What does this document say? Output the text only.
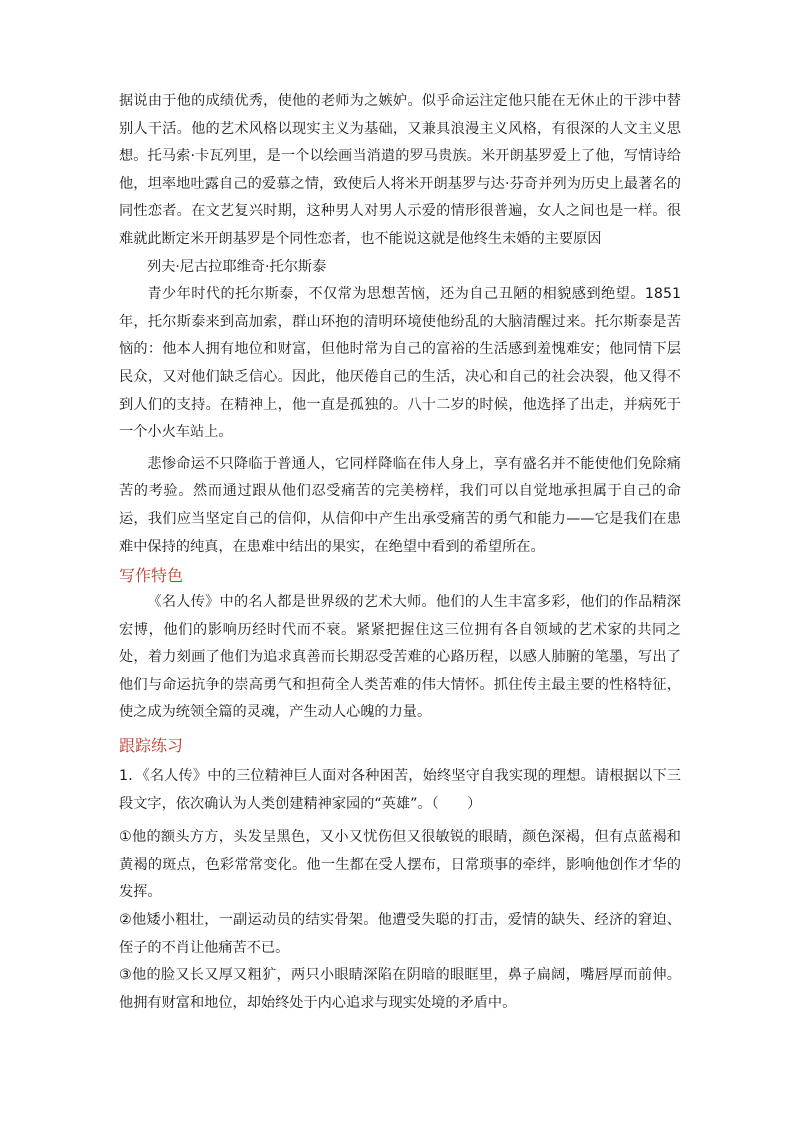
据说由于他的成绩优秀，使他的老师为之嫉妒。似乎命运注定他只能在无休止的干涉中替别人干活。他的艺术风格以现实主义为基础，又兼具浪漫主义风格，有很深的人文主义思想。托马索·卡瓦列里，是一个以绘画当消遣的罗马贵族。米开朗基罗爱上了他，写情诗给他，坦率地吐露自己的爱慕之情，致使后人将米开朗基罗与达·芬奇并列为历史上最著名的同性恋者。在文艺复兴时期，这种男人对男人示爱的情形很普遍，女人之间也是一样。很难就此断定米开朗基罗是个同性恋者，也不能说这就是他终生未婚的主要原因

列夫·尼古拉耶维奇·托尔斯泰

青少年时代的托尔斯泰，不仅常为思想苦恼，还为自己丑陋的相貌感到绝望。1851年，托尔斯泰来到高加索，群山环抱的清明环境使他纷乱的大脑清醒过来。托尔斯泰是苦恼的：他本人拥有地位和财富，但他时常为自己的富裕的生活感到羞愧难安；他同情下层民众，又对他们缺乏信心。因此，他厌倦自己的生活，决心和自己的社会决裂，他又得不到人们的支持。在精神上，他一直是孤独的。八十二岁的时候，他选择了出走，并病死于一个小火车站上。

悲惨命运不只降临于普通人，它同样降临在伟人身上，享有盛名并不能使他们免除痛苦的考验。然而通过跟从他们忍受痛苦的完美榜样，我们可以自觉地承担属于自己的命运，我们应当坚定自己的信仰，从信仰中产生出承受痛苦的勇气和能力——它是我们在患难中保持的纯真，在患难中结出的果实，在绝望中看到的希望所在。

写作特色

《名人传》中的名人都是世界级的艺术大师。他们的人生丰富多彩，他们的作品精深宏博，他们的影响历经时代而不衰。紧紧把握住这三位拥有各自领域的艺术家的共同之处，着力刻画了他们为追求真善而长期忍受苦难的心路历程，以感人肺腑的笔墨，写出了他们与命运抗争的崇高勇气和担荷全人类苦难的伟大情怀。抓住传主最主要的性格特征，使之成为统领全篇的灵魂，产生动人心魄的力量。

跟踪练习

1．《名人传》中的三位精神巨人面对各种困苦，始终坚守自我实现的理想。请根据以下三段文字，依次确认为人类创建精神家园的“英雄”。（　　）

①他的额头方方，头发呈黑色，又小又忧伤但又很敏锐的眼睛，颜色深褐，但有点蓝褐和黄褐的斑点，色彩常常变化。他一生都在受人摆布，日常琐事的牵绊，影响他创作才华的发挥。

②他矮小粗壮，一副运动员的结实骨架。他遭受失聪的打击，爱情的缺失、经济的窘迫、侄子的不肖让他痛苦不已。

③他的脸又长又厚又粗犷，两只小眼睛深陷在阴暗的眼眶里，鼻子扁阔，嘴唇厚而前伸。他拥有财富和地位，却始终处于内心追求与现实处境的矛盾中。
